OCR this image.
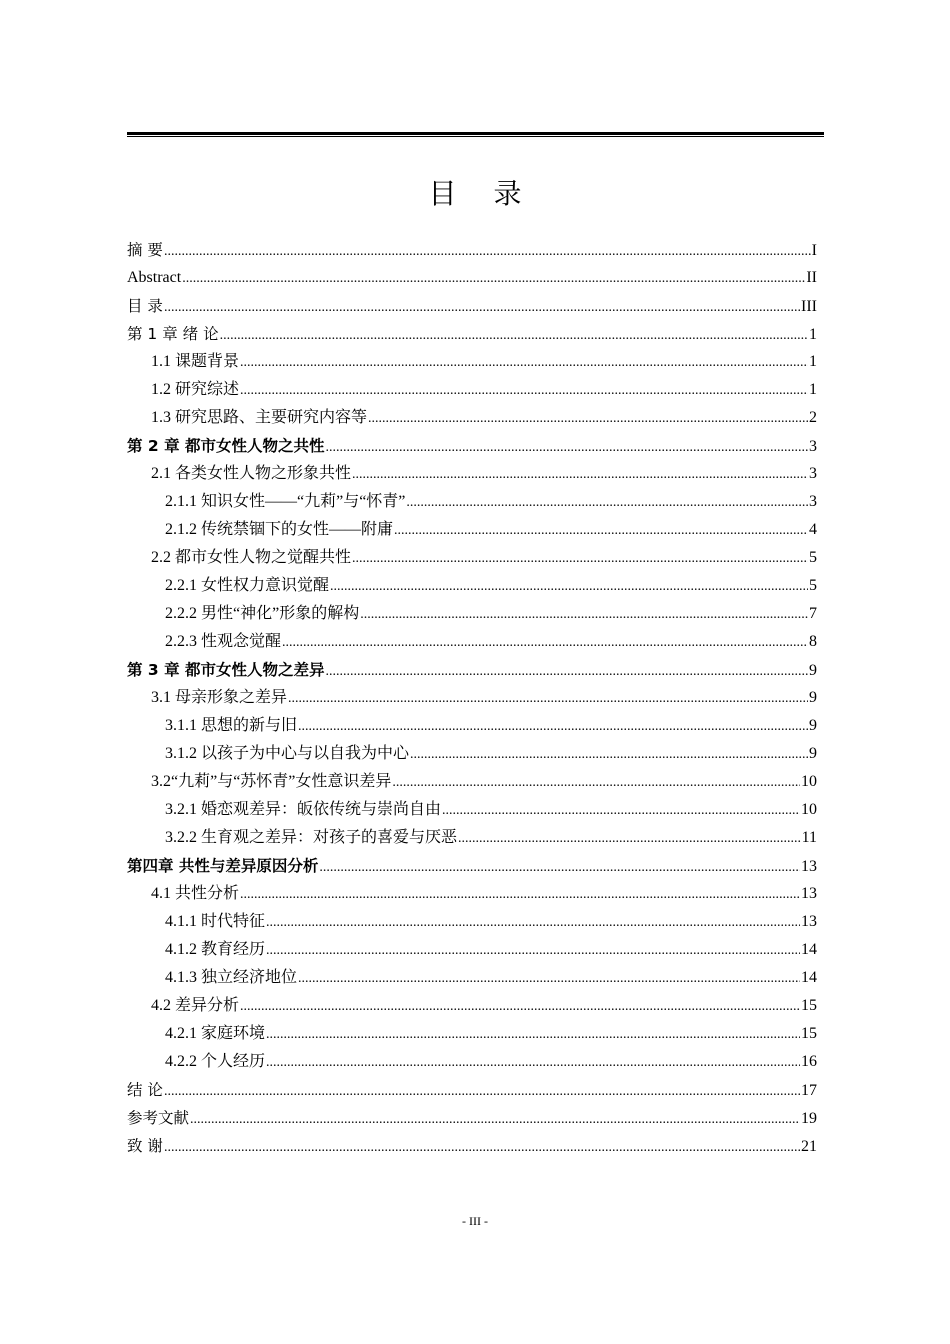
目 录
摘 要 .....	I
Abstract .....	II
目 录 .....	III
第 1 章 绪 论 .....	1
1.1 课题背景 .....	1
1.2 研究综述 .....	1
1.3 研究思路、主要研究内容等 .....	2
第 2 章 都市女性人物之共性 .....	3
2.1 各类女性人物之形象共性 .....	3
2.1.1 知识女性——“九莉”与“怀青” .....	3
2.1.2 传统禁锢下的女性——附庸 .....	4
2.2 都市女性人物之觉醒共性 .....	5
2.2.1 女性权力意识觉醒 .....	5
2.2.2 男性“神化”形象的解构 .....	7
2.2.3 性观念觉醒 .....	8
第 3 章 都市女性人物之差异 .....	9
3.1 母亲形象之差异 .....	9
3.1.1 思想的新与旧 .....	9
3.1.2 以孩子为中心与以自我为中心 .....	9
3.2“九莉”与“苏怀青”女性意识差异 .....	10
3.2.1 婚恋观差异：皈依传统与崇尚自由 .....	10
3.2.2 生育观之差异：对孩子的喜爱与厌恶 .....	11
第四章 共性与差异原因分析 .....	13
4.1 共性分析 .....	13
4.1.1 时代特征 .....	13
4.1.2 教育经历 .....	14
4.1.3 独立经济地位 .....	14
4.2 差异分析 .....	15
4.2.1 家庭环境 .....	15
4.2.2 个人经历 .....	16
结 论 .....	17
参考文献 .....	19
致 谢 .....	21
- III -
